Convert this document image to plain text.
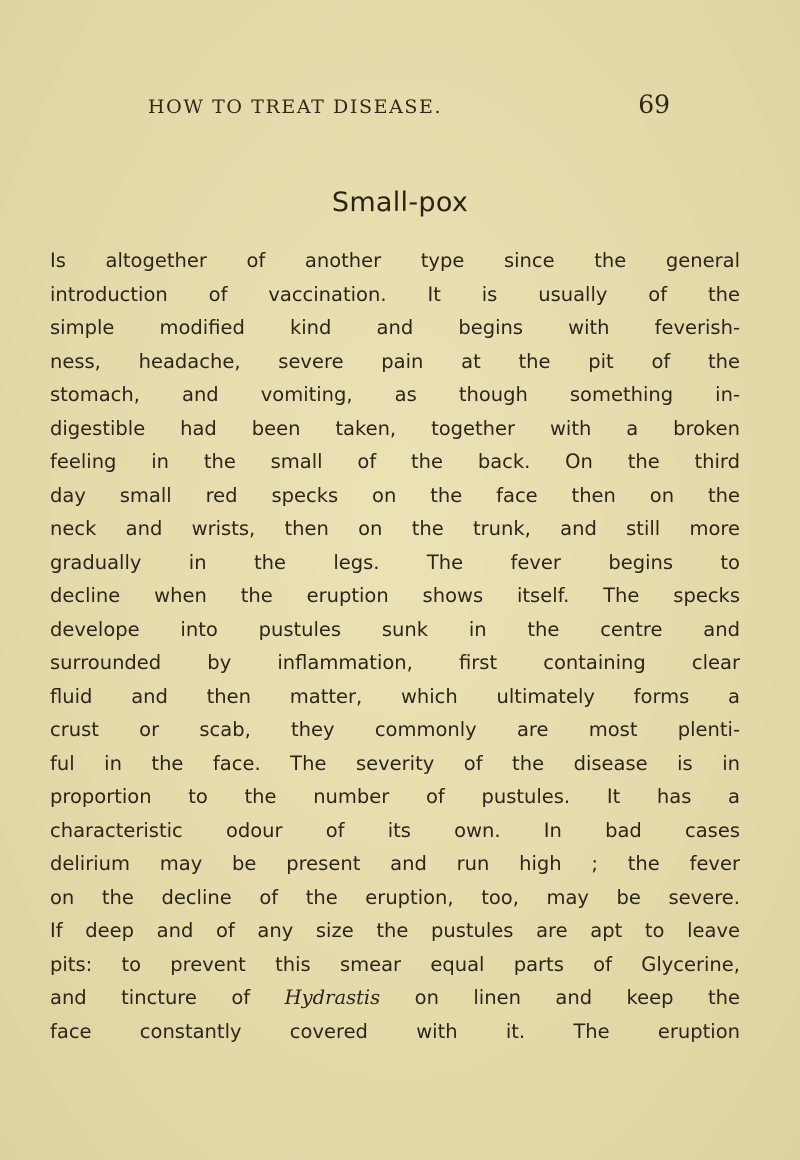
HOW TO TREAT DISEASE.	69
Small-pox
Is altogether of another type since the general
introduction of vaccination. It is usually of the
simple modified kind and begins with feverish-
ness, headache, severe pain at the pit of the
stomach, and vomiting, as though something in-
digestible had been taken, together with a broken
feeling in the small of the back. On the third
day small red specks on the face then on the
neck and wrists, then on the trunk, and still more
gradually in the legs. The fever begins to
decline when the eruption shows itself. The specks
develope into pustules sunk in the centre and
surrounded by inflammation, first containing clear
fluid and then matter, which ultimately forms a
crust or scab, they commonly are most plenti-
ful in the face. The severity of the disease is in
proportion to the number of pustules. It has a
characteristic odour of its own. In bad cases
delirium may be present and run high ; the fever
on the decline of the eruption, too, may be severe.
If deep and of any size the pustules are apt to leave
pits: to prevent this smear equal parts of Glycerine,
and tincture of Hydrastis on linen and keep the
face constantly covered with it. The eruption
